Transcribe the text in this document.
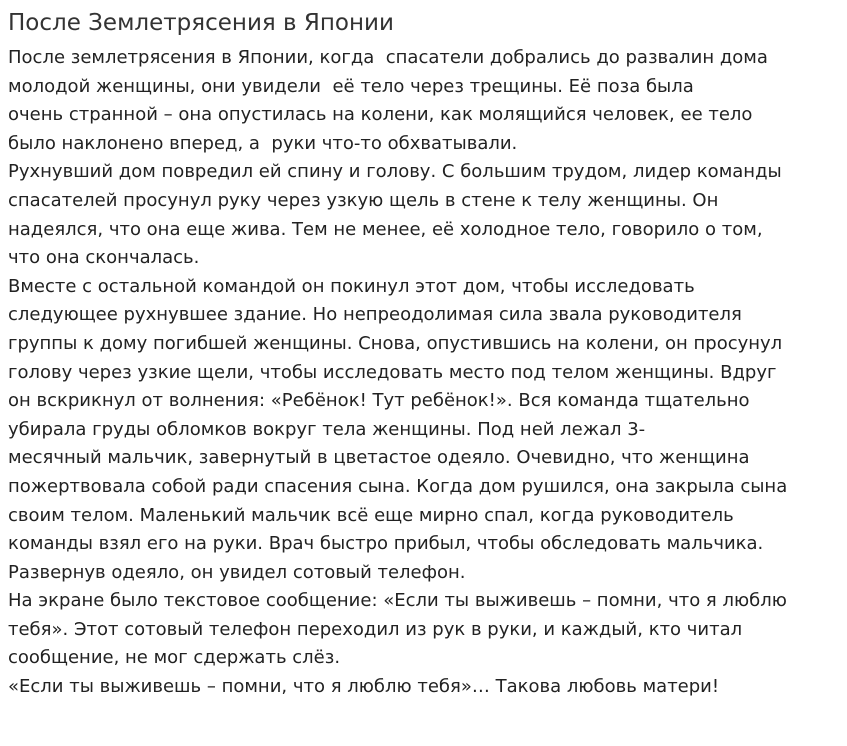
После Землетрясения в Японии
После землетрясения в Японии, когда  спасатели добрались до развалин дома
молодой женщины, они увидели  её тело через трещины. Её поза была
очень странной – она опустилась на колени, как молящийся человек, ее тело
было наклонено вперед, а  руки что-то обхватывали.
Рухнувший дом повредил ей спину и голову. С большим трудом, лидер команды
спасателей просунул руку через узкую щель в стене к телу женщины. Он
надеялся, что она еще жива. Тем не менее, её холодное тело, говорило о том,
что она скончалась.
Вместе с остальной командой он покинул этот дом, чтобы исследовать
следующее рухнувшее здание. Но непреодолимая сила звала руководителя
группы к дому погибшей женщины. Снова, опустившись на колени, он просунул
голову через узкие щели, чтобы исследовать место под телом женщины. Вдруг
он вскрикнул от волнения: «Ребёнок! Тут ребёнок!». Вся команда тщательно
убирала груды обломков вокруг тела женщины. Под ней лежал 3-
месячный мальчик, завернутый в цветастое одеяло. Очевидно, что женщина
пожертвовала собой ради спасения сына. Когда дом рушился, она закрыла сына
своим телом. Маленький мальчик всё еще мирно спал, когда руководитель
команды взял его на руки. Врач быстро прибыл, чтобы обследовать мальчика.
Развернув одеяло, он увидел сотовый телефон.
На экране было текстовое сообщение: «Если ты выживешь – помни, что я люблю
тебя». Этот сотовый телефон переходил из рук в руки, и каждый, кто читал
сообщение, не мог сдержать слёз.
«Если ты выживешь – помни, что я люблю тебя»… Такова любовь матери!
